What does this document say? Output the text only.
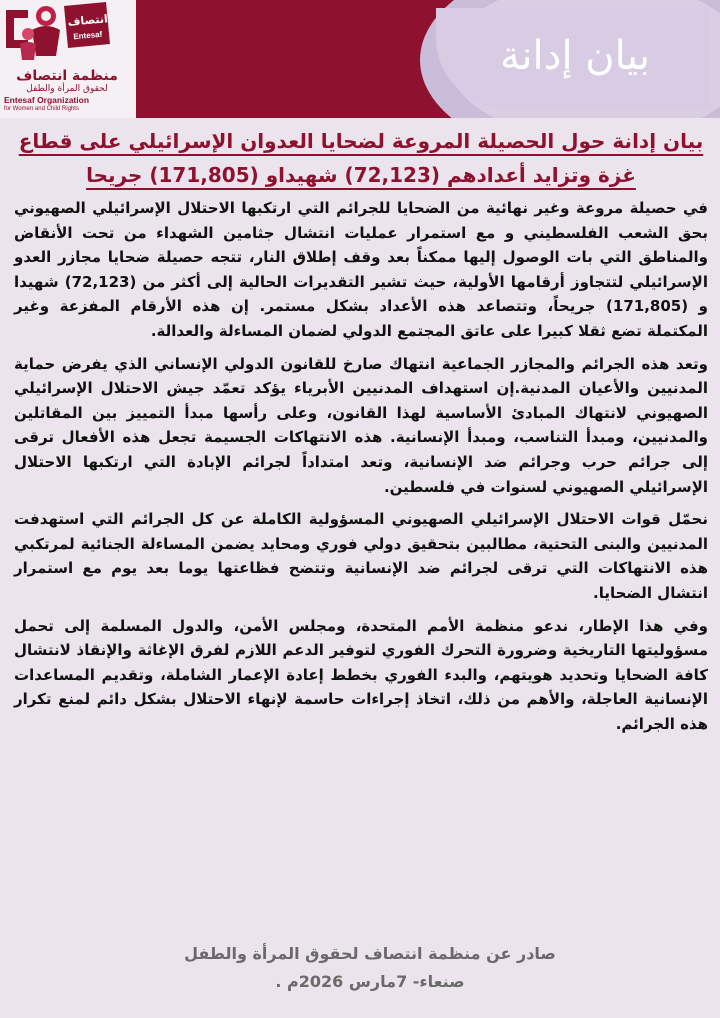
بيان إدانة
انتصاف
Entesaf
منظمة انتصاف
لحقوق المرأة والطفل
Entesaf Organization
for Women and Child Rights
بيان إدانة حول الحصيلة المروعة لضحايا العدوان الإسرائيلي على قطاع غزة وتزايد أعدادهم (72,123) شهيداو (171,805) جريحا

في حصيلة مروعة وغير نهائية من الضحايا للجرائم التي ارتكبها الاحتلال الإسرائيلي الصهيوني بحق الشعب الفلسطيني و مع استمرار عمليات انتشال جثامين الشهداء من تحت الأنقاض والمناطق التي بات الوصول إليها ممكناً بعد وقف إطلاق النار، تتجه حصيلة ضحايا مجازر العدو الإسرائيلي لتتجاوز أرقامها الأولية، حيث تشير التقديرات الحالية إلى أكثر من (72,123) شهيدا و (171,805) جريحاً، وتتصاعد هذه الأعداد بشكل مستمر. إن هذه الأرقام المفزعة وغير المكتملة تضع ثقلا كبيرا على عاتق المجتمع الدولي لضمان المساءلة والعدالة.

وتعد هذه الجرائم والمجازر الجماعية انتهاك صارخ للقانون الدولي الإنساني الذي يفرض حماية المدنيين والأعيان المدنية.إن استهداف المدنيين الأبرياء يؤكد تعمّد جيش الاحتلال الإسرائيلي الصهيوني لانتهاك المبادئ الأساسية لهذا القانون، وعلى رأسها مبدأ التمييز بين المقاتلين والمدنيين، ومبدأ التناسب، ومبدأ الإنسانية. هذه الانتهاكات الجسيمة تجعل هذه الأفعال ترقى إلى جرائم حرب وجرائم ضد الإنسانية، وتعد امتداداً لجرائم الإبادة التي ارتكبها الاحتلال الإسرائيلي الصهيوني لسنوات في فلسطين.

نحمّل قوات الاحتلال الإسرائيلي الصهيوني المسؤولية الكاملة عن كل الجرائم التي استهدفت المدنيين والبنى التحتية، مطالبين بتحقيق دولي فوري ومحايد يضمن المساءلة الجنائية لمرتكبي هذه الانتهاكات التي ترقى لجرائم ضد الإنسانية وتتضح فظاعتها يوما بعد يوم مع استمرار انتشال الضحايا.

وفي هذا الإطار، ندعو منظمة الأمم المتحدة، ومجلس الأمن، والدول المسلمة إلى تحمل مسؤوليتها التاريخية وضرورة التحرك الفوري لتوفير الدعم اللازم لفرق الإغاثة والإنقاذ لانتشال كافة الضحايا وتحديد هويتهم، والبدء الفوري بخطط إعادة الإعمار الشاملة، وتقديم المساعدات الإنسانية العاجلة، والأهم من ذلك، اتخاذ إجراءات حاسمة لإنهاء الاحتلال بشكل دائم لمنع تكرار هذه الجرائم.

صادر عن منظمة انتصاف لحقوق المرأة والطفل
صنعاء- 7مارس 2026م .
